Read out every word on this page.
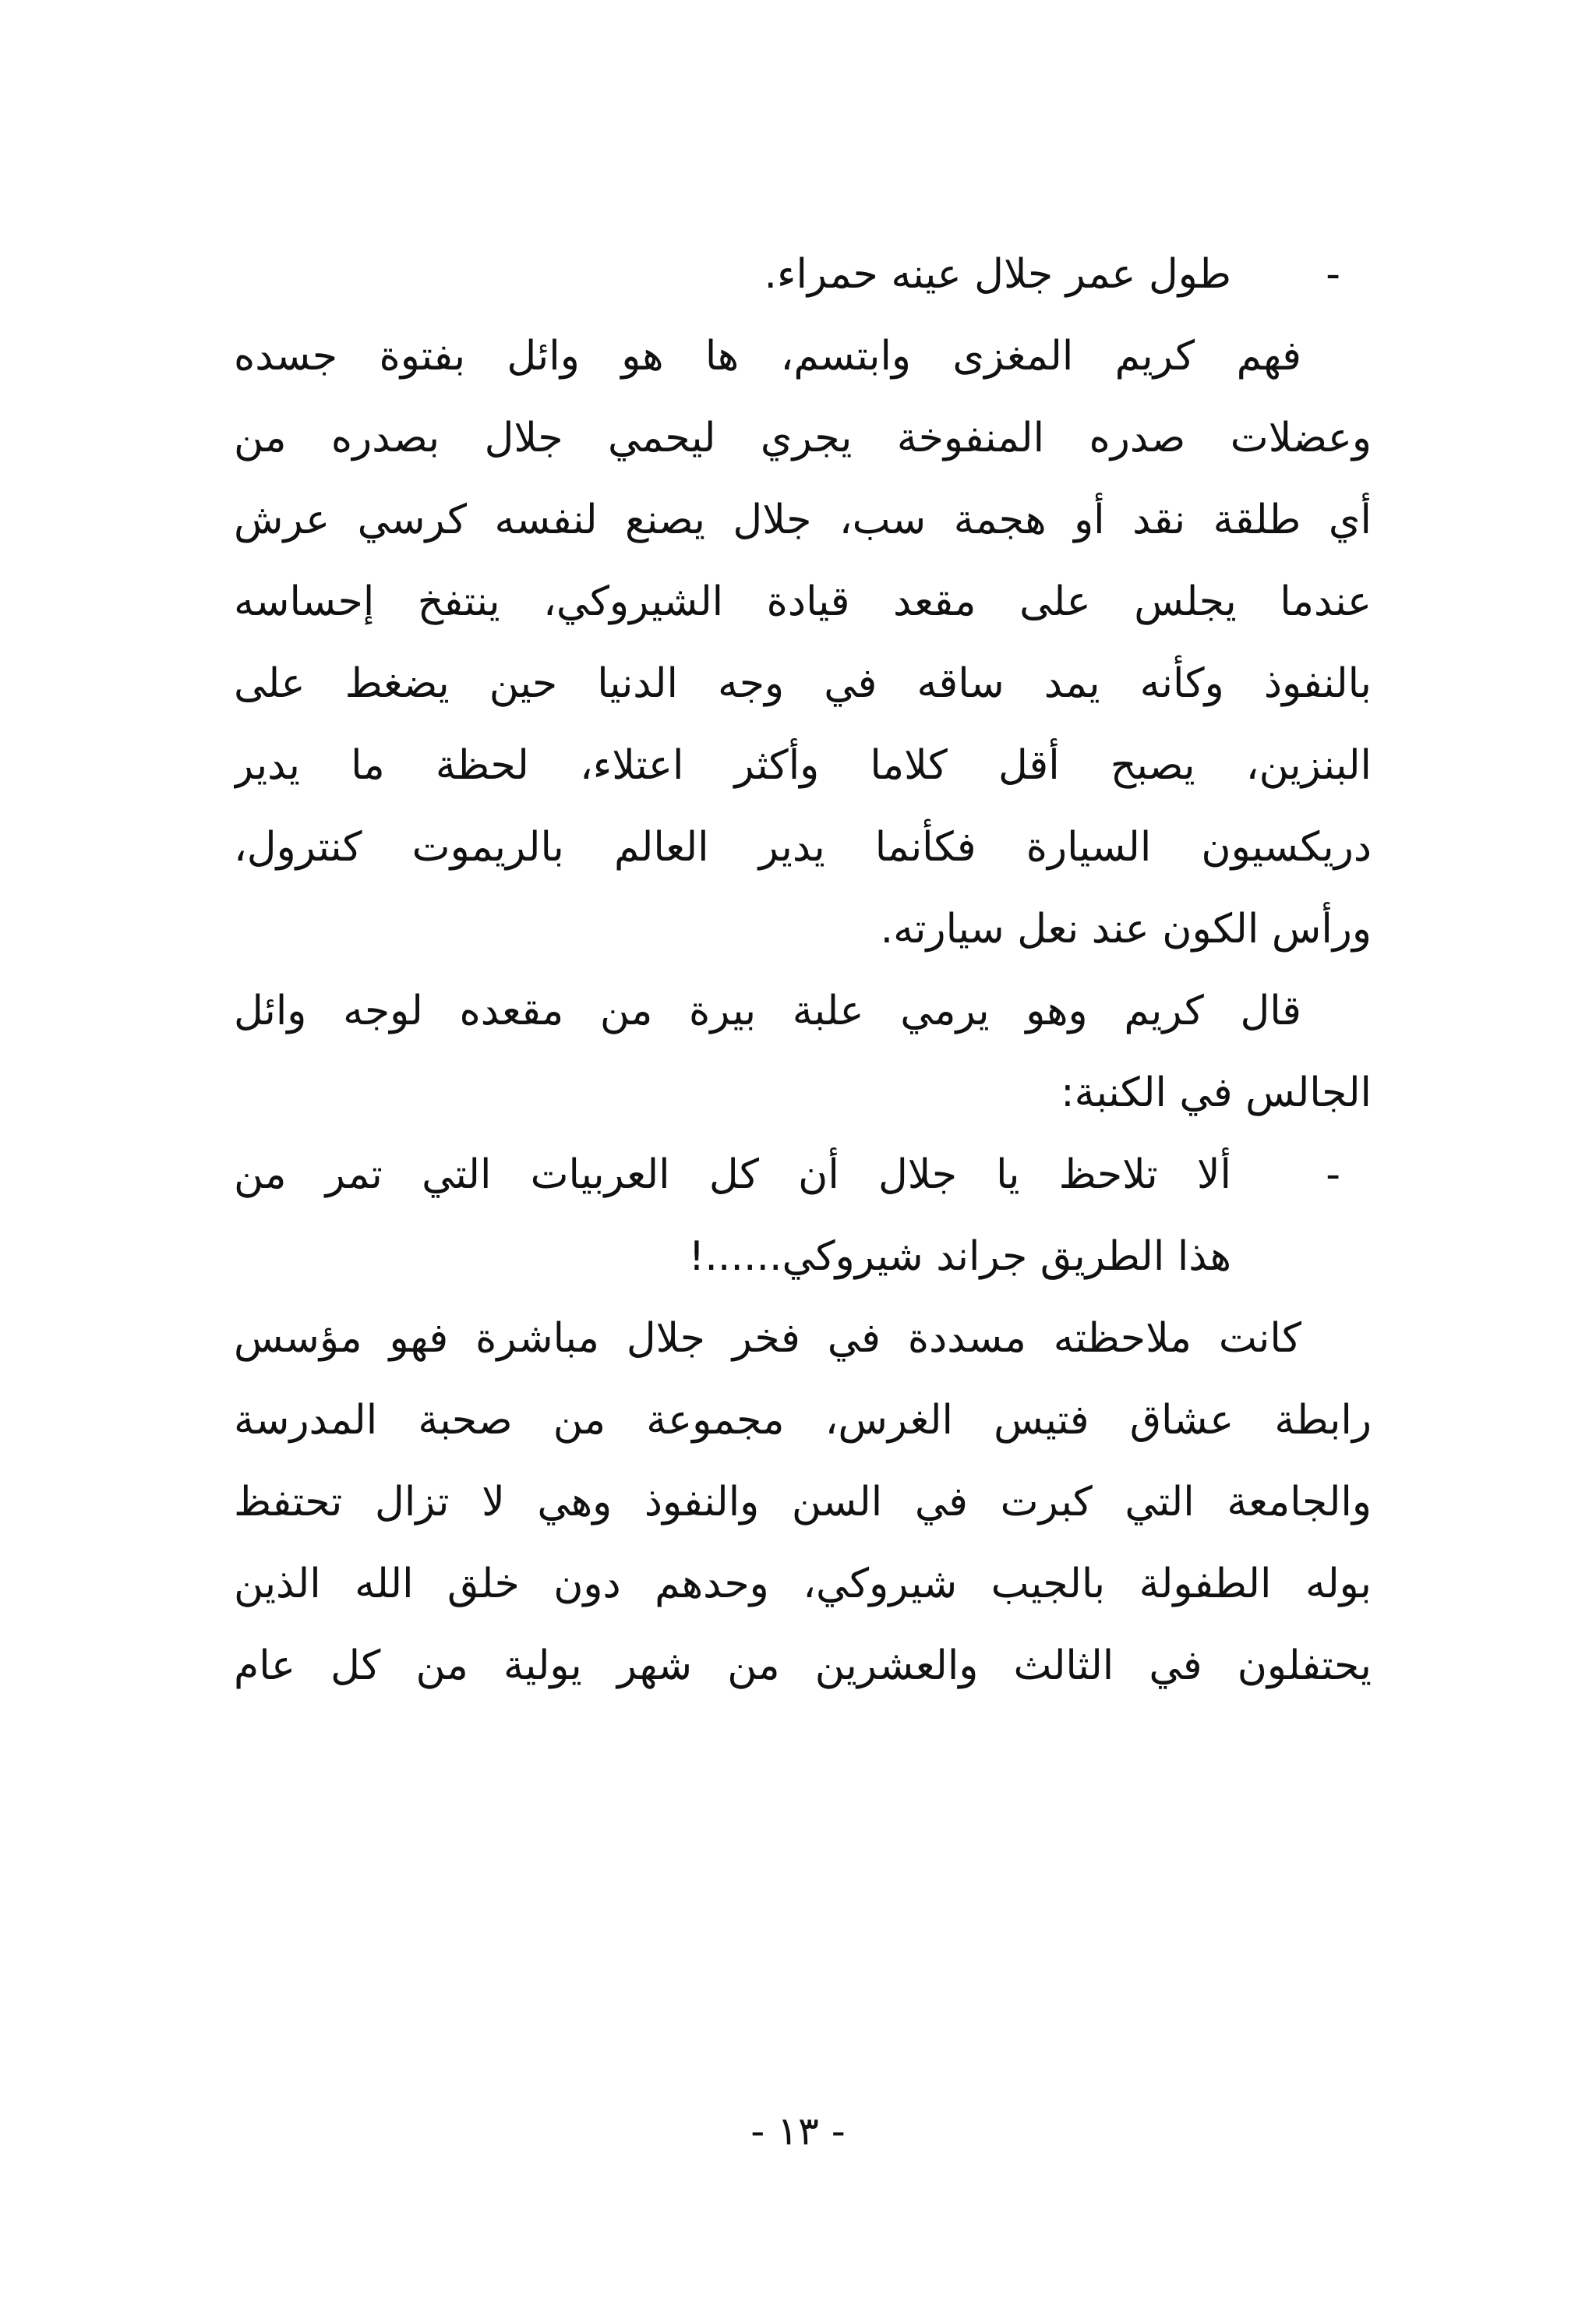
-
طول عمر جلال عينه حمراء.
فهم كريم المغزى وابتسم، ها هو وائل بفتوة جسده
وعضلات صدره المنفوخة يجري ليحمي جلال بصدره من
أي طلقة نقد أو هجمة سب، جلال يصنع لنفسه كرسي عرش
عندما يجلس على مقعد قيادة الشيروكي، ينتفخ إحساسه
بالنفوذ وكأنه يمد ساقه في وجه الدنيا حين يضغط على
البنزين، يصبح أقل كلاما وأكثر اعتلاء، لحظة ما يدير
دريكسيون السيارة فكأنما يدير العالم بالريموت كنترول،
ورأس الكون عند نعل سيارته.
قال كريم وهو يرمي علبة بيرة من مقعده لوجه وائل
الجالس في الكنبة:
-
ألا تلاحظ يا جلال أن كل العربيات التي تمر من
هذا الطريق جراند شيروكي......!
كانت ملاحظته مسددة في فخر جلال مباشرة فهو مؤسس
رابطة عشاق فتيس الغرس، مجموعة من صحبة المدرسة
والجامعة التي كبرت في السن والنفوذ وهي لا تزال تحتفظ
بوله الطفولة بالجيب شيروكي، وحدهم دون خلق الله الذين
يحتفلون في الثالث والعشرين من شهر يولية من كل عام
- ١٣ -
